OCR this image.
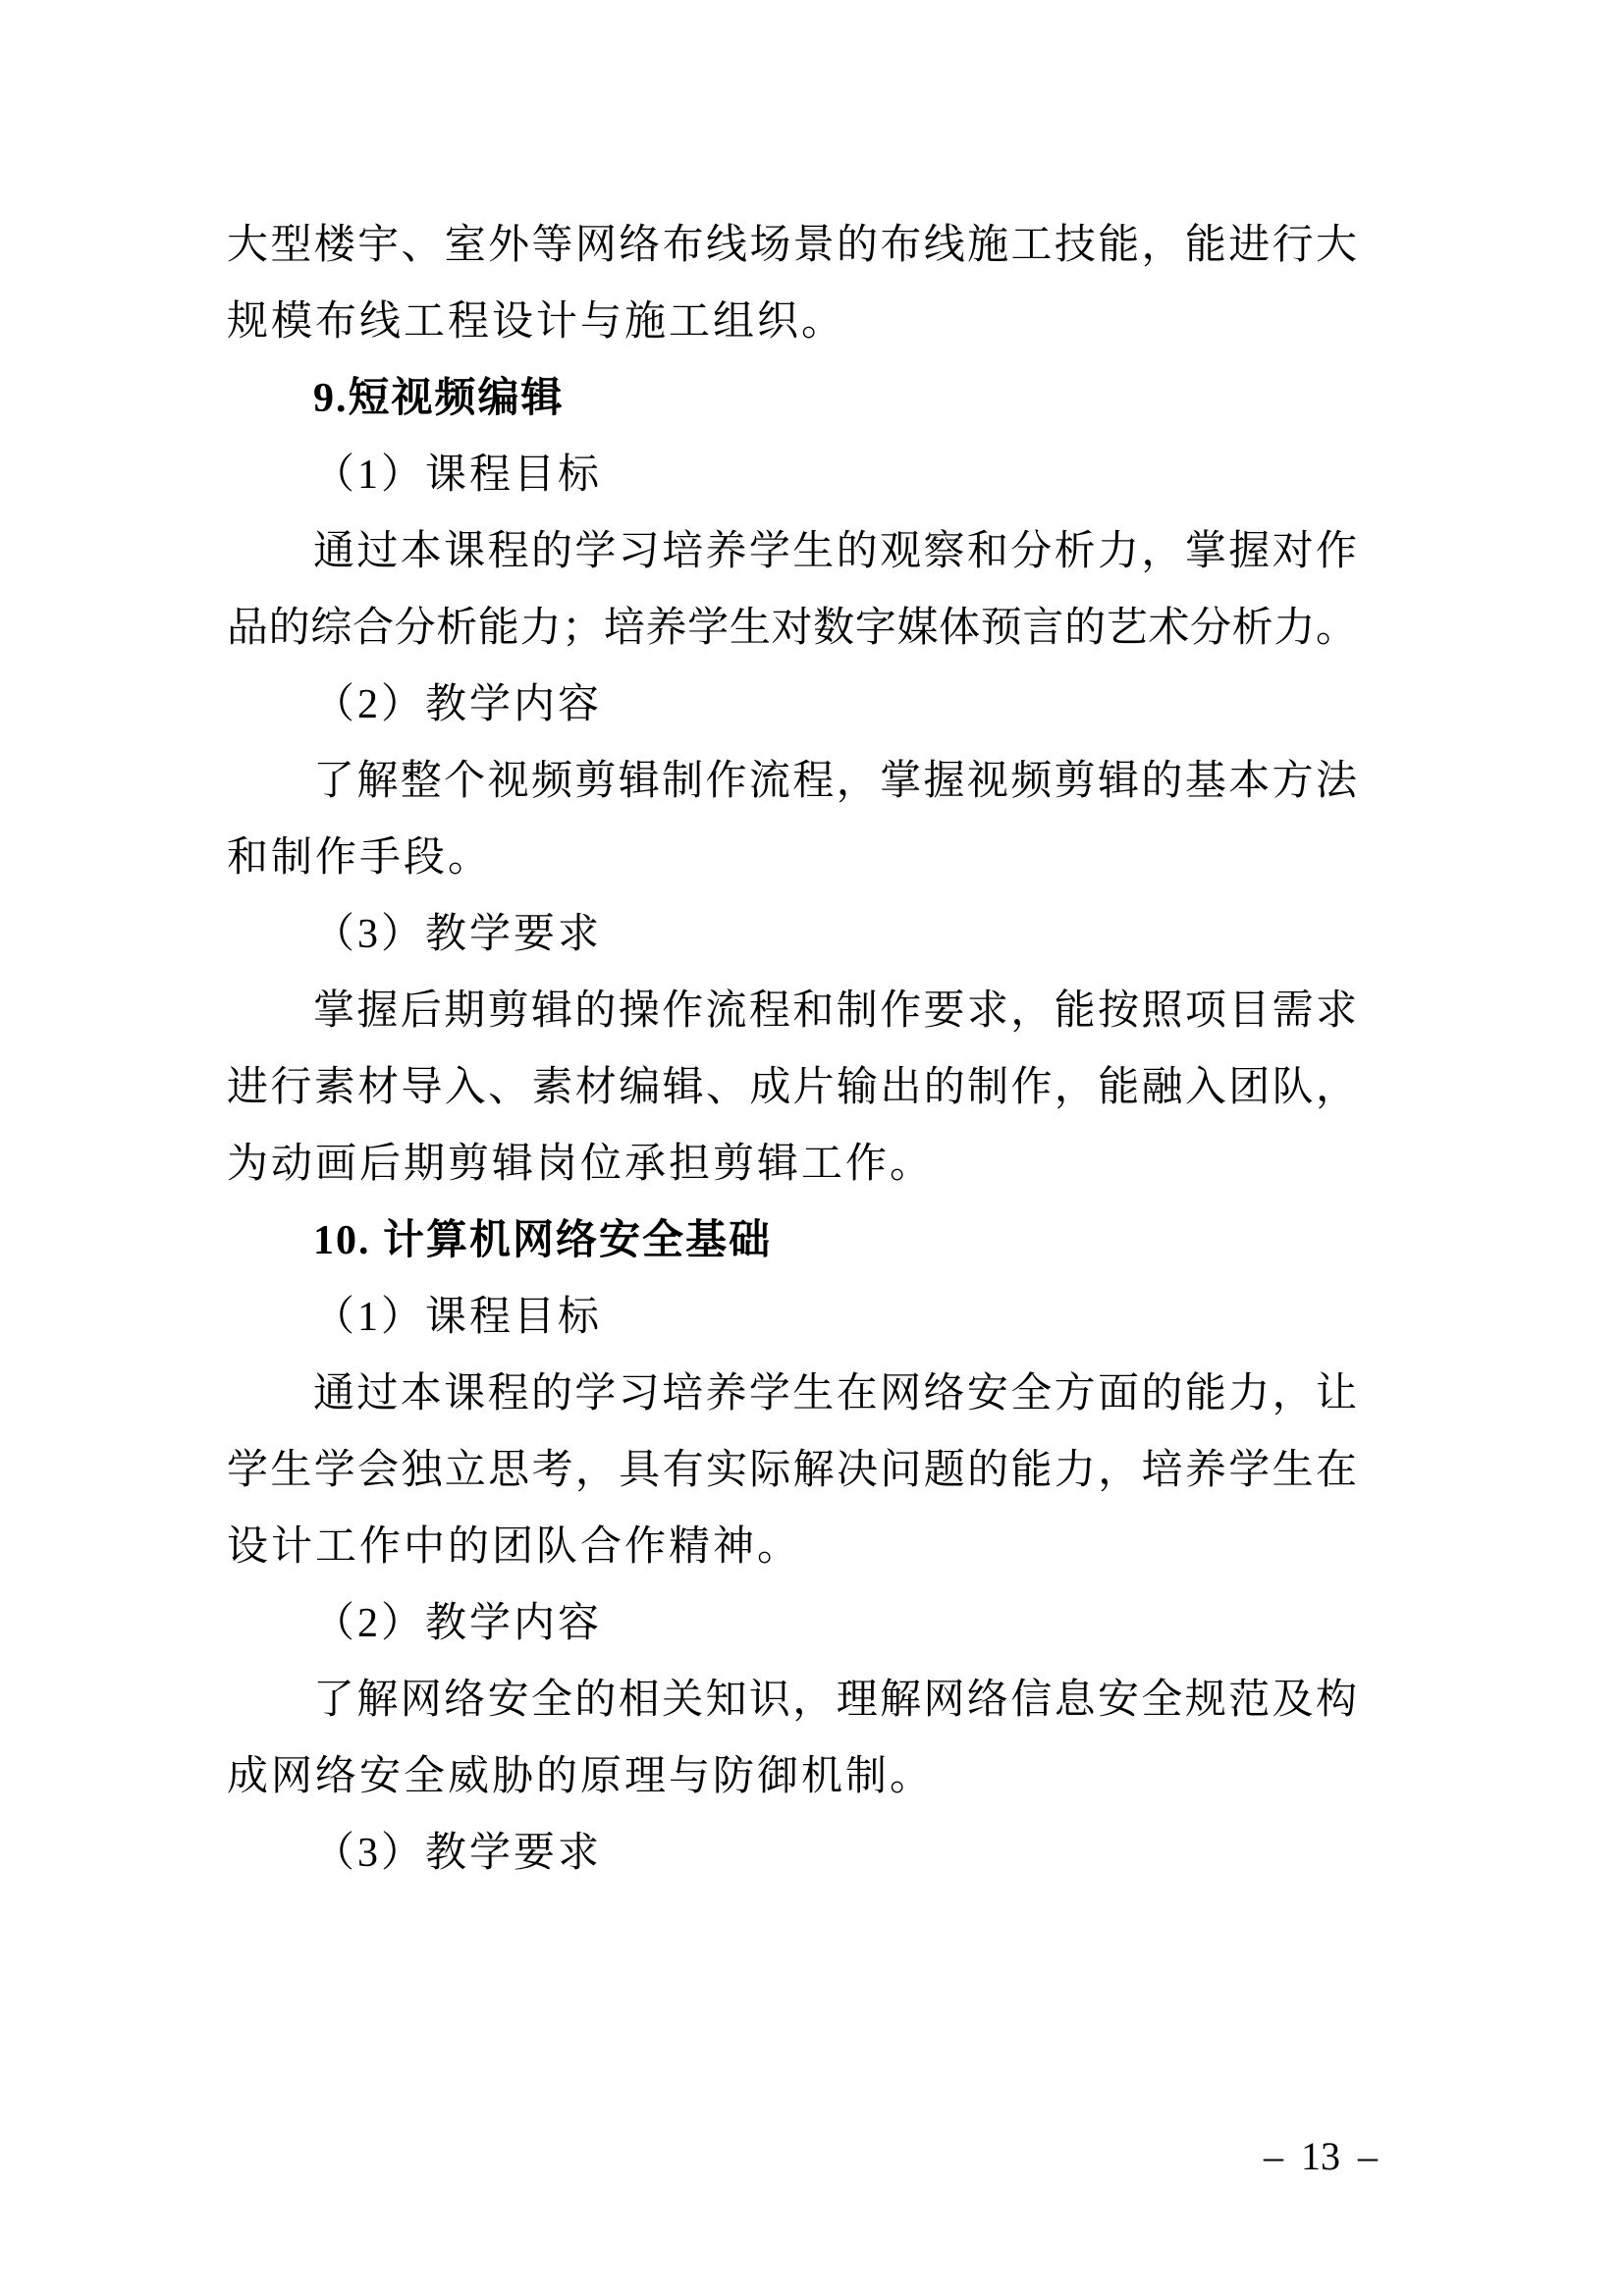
大型楼宇、室外等网络布线场景的布线施工技能，能进行大
规模布线工程设计与施工组织。
9.短视频编辑
（1）课程目标
通过本课程的学习培养学生的观察和分析力，掌握对作
品的综合分析能力；培养学生对数字媒体预言的艺术分析力。
（2）教学内容
了解整个视频剪辑制作流程，掌握视频剪辑的基本方法
和制作手段。
（3）教学要求
掌握后期剪辑的操作流程和制作要求，能按照项目需求
进行素材导入、素材编辑、成片输出的制作，能融入团队，
为动画后期剪辑岗位承担剪辑工作。
10. 计算机网络安全基础
（1）课程目标
通过本课程的学习培养学生在网络安全方面的能力，让
学生学会独立思考，具有实际解决问题的能力，培养学生在
设计工作中的团队合作精神。
（2）教学内容
了解网络安全的相关知识，理解网络信息安全规范及构
成网络安全威胁的原理与防御机制。
（3）教学要求
– 13 –
